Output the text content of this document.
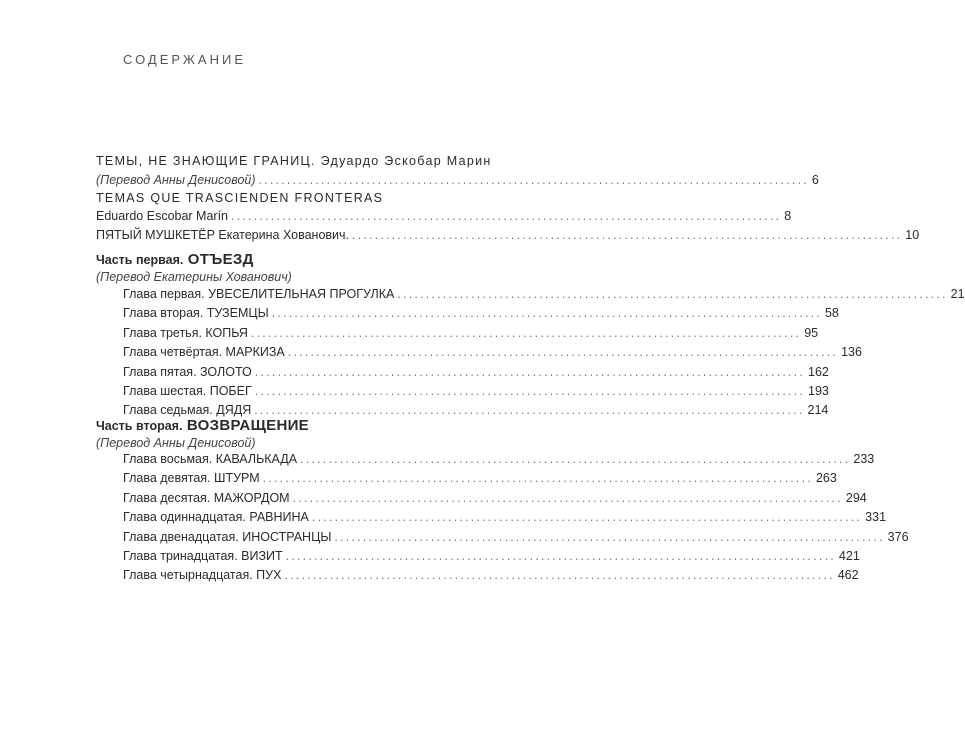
СОДЕРЖАНИЕ
ТЕМЫ, НЕ ЗНАЮЩИЕ ГРАНИЦ. Эдуардо Эскобар Марин
(Перевод Анны Денисовой) ................................................................................................. 6
TEMAS QUE TRASCIENDEN FRONTERAS
Eduardo Escobar Marín ................................................................................................. 8
ПЯТЫЙ МУШКЕТЁР Екатерина Хованович. ................................................................................................. 10
Часть первая. ОТЪЕЗД
(Перевод Екатерины Хованович)
Глава первая. УВЕСЕЛИТЕЛЬНАЯ ПРОГУЛКА ................................................................................................. 21
Глава вторая. ТУЗЕМЦЫ ................................................................................................. 58
Глава третья. КОПЬЯ ................................................................................................. 95
Глава четвёртая. МАРКИЗА ................................................................................................. 136
Глава пятая. ЗОЛОТО ................................................................................................. 162
Глава шестая. ПОБЕГ ................................................................................................. 193
Глава седьмая. ДЯДЯ ................................................................................................. 214
Часть вторая. ВОЗВРАЩЕНИЕ
(Перевод Анны Денисовой)
Глава восьмая. КАВАЛЬКАДА ................................................................................................. 233
Глава девятая. ШТУРМ ................................................................................................. 263
Глава десятая. МАЖОРДОМ ................................................................................................. 294
Глава одиннадцатая. РАВНИНА ................................................................................................. 331
Глава двенадцатая. ИНОСТРАНЦЫ ................................................................................................. 376
Глава тринадцатая. ВИЗИТ ................................................................................................. 421
Глава четырнадцатая. ПУХ ................................................................................................. 462
